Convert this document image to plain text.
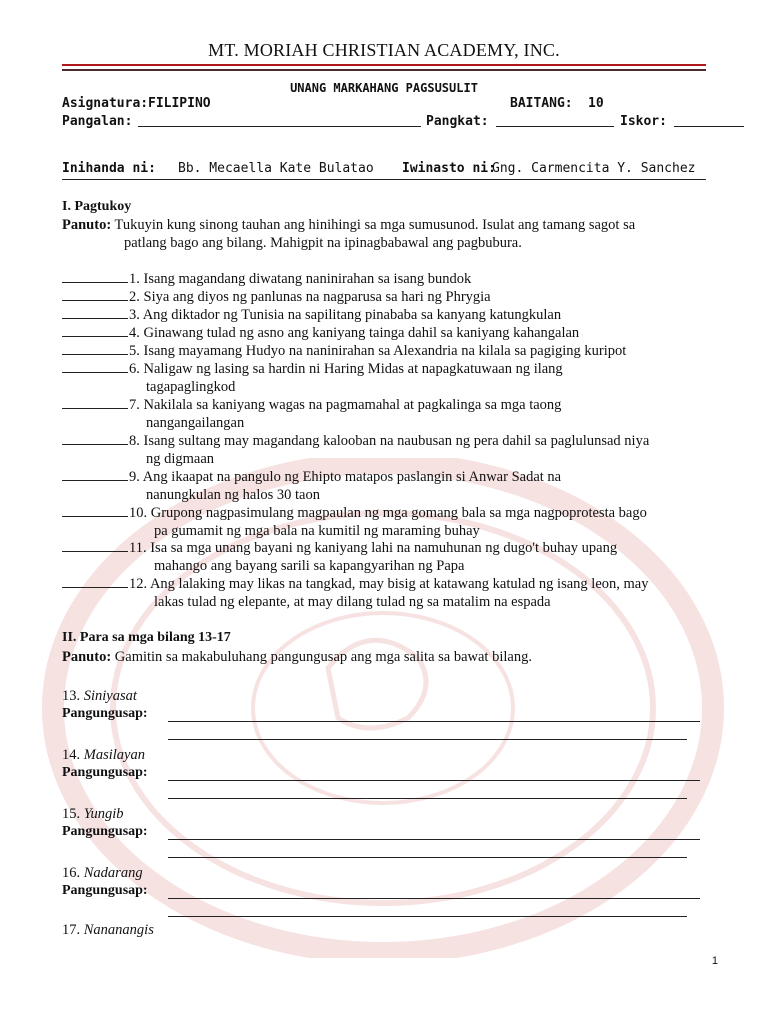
MT. MORIAH CHRISTIAN ACADEMY, INC.
UNANG MARKAHANG PAGSUSULIT
Asignatura: FILIPINO	BAITANG: 10
Pangalan:	Pangkat:	Iskor:
Inihanda ni: Bb. Mecaella Kate Bulatao Iwinasto ni:
Gng. Carmencita Y. Sanchez
I. Pagtukoy
Panuto: Tukuyin kung sinong tauhan ang hinihingi sa mga sumusunod. Isulat ang tamang sagot sa
patlang bago ang bilang. Mahigpit na ipinagbabawal ang pagbubura.
1. Isang magandang diwatang naninirahan sa isang bundok
2. Siya ang diyos ng panlunas na nagparusa sa hari ng Phrygia
3. Ang diktador ng Tunisia na sapilitang pinababa sa kanyang katungkulan
4. Ginawang tulad ng asno ang kaniyang tainga dahil sa kaniyang kahangalan
5. Isang mayamang Hudyo na naninirahan sa Alexandria na kilala sa pagiging kuripot
6. Naligaw ng lasing sa hardin ni Haring Midas at napagkatuwaan ng ilang
tagapaglingkod
7. Nakilala sa kaniyang wagas na pagmamahal at pagkalinga sa mga taong
nangangailangan
8. Isang sultang may magandang kalooban na naubusan ng pera dahil sa paglulunsad niya
ng digmaan
9. Ang ikaapat na pangulo ng Ehipto matapos paslangin si Anwar Sadat na
nanungkulan ng halos 30 taon
10. Grupong nagpasimulang magpaulan ng mga gomang bala sa mga nagpoprotesta bago
pa gumamit ng mga bala na kumitil ng maraming buhay
11. Isa sa mga unang bayani ng kaniyang lahi na namuhunan ng dugo't buhay upang
mahango ang bayang sarili sa kapangyarihan ng Papa
12. Ang lalaking may likas na tangkad, may bisig at katawang katulad ng isang leon, may
lakas tulad ng elepante, at may dilang tulad ng sa matalim na espada
II. Para sa mga bilang 13-17
Panuto: Gamitin sa makabuluhang pangungusap ang mga salita sa bawat bilang.
13. Siniyasat
Pangungusap:
14. Masilayan
Pangungusap:
15. Yungib
Pangungusap:
16. Nadarang
Pangungusap:
17. Nananangis
1
